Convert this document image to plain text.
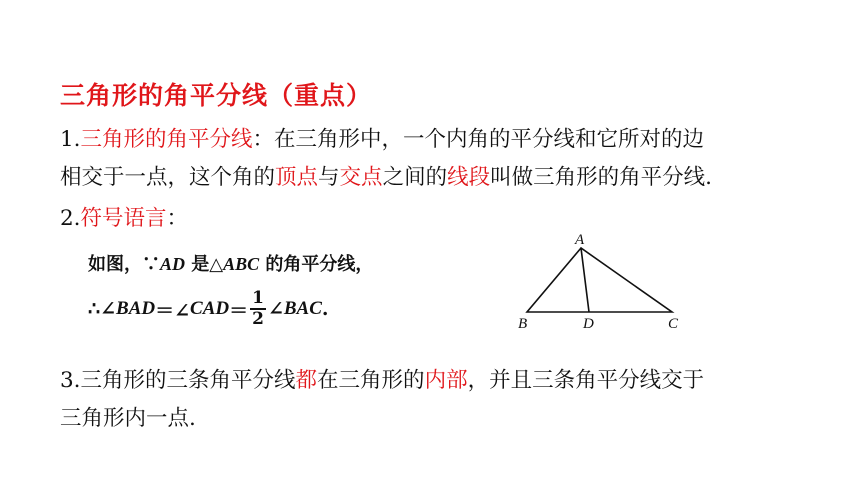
三角形的角平分线（重点）
1.三角形的角平分线：在三角形中，一个内角的平分线和它所对的边
相交于一点，这个角的顶点与交点之间的线段叫做三角形的角平分线.
2.符号语言：
如图，∵AD 是△ABC 的角平分线，
∴∠ BAD ＝∠ CAD ＝ $\frac{1}{2}$ ∠ BAC .
A
B	D	C
3.三角形的三条角平分线都在三角形的内部，并且三条角平分线交于
三角形内一点.
